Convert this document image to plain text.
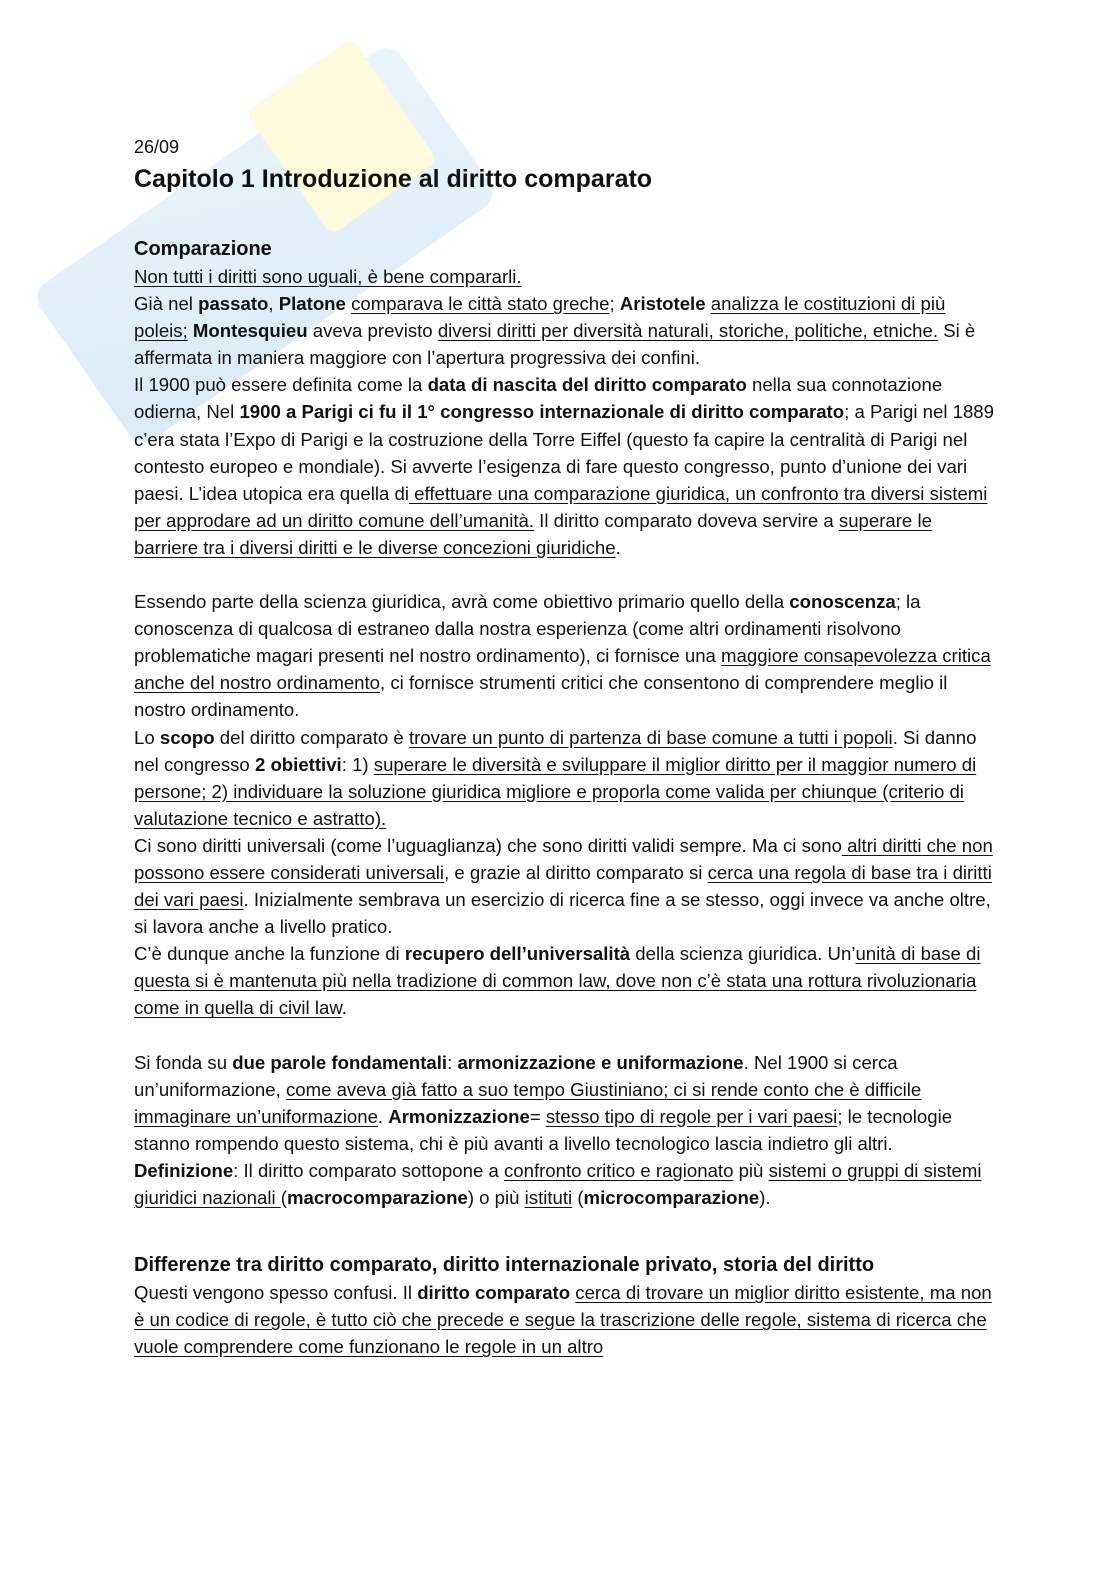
26/09

Capitolo 1 Introduzione al diritto comparato
Comparazione

Non tutti i diritti sono uguali, è bene compararli.

Già nel passato, Platone comparava le città stato greche; Aristotele analizza le costituzioni di più poleis; Montesquieu aveva previsto diversi diritti per diversità naturali, storiche, politiche, etniche. Si è affermata in maniera maggiore con l’apertura progressiva dei confini.

Il 1900 può essere definita come la data di nascita del diritto comparato nella sua connotazione odierna, Nel 1900 a Parigi ci fu il 1° congresso internazionale di diritto comparato; a Parigi nel 1889 c’era stata l’Expo di Parigi e la costruzione della Torre Eiffel (questo fa capire la centralità di Parigi nel contesto europeo e mondiale). Si avverte l’esigenza di fare questo congresso, punto d’unione dei vari paesi. L’idea utopica era quella di effettuare una comparazione giuridica, un confronto tra diversi sistemi per approdare ad un diritto comune dell’umanità. Il diritto comparato doveva servire a superare le barriere tra i diversi diritti e le diverse concezioni giuridiche.

Essendo parte della scienza giuridica, avrà come obiettivo primario quello della conoscenza; la conoscenza di qualcosa di estraneo dalla nostra esperienza (come altri ordinamenti risolvono problematiche magari presenti nel nostro ordinamento), ci fornisce una maggiore consapevolezza critica anche del nostro ordinamento, ci fornisce strumenti critici che consentono di comprendere meglio il nostro ordinamento.

Lo scopo del diritto comparato è trovare un punto di partenza di base comune a tutti i popoli. Si danno nel congresso 2 obiettivi: 1) superare le diversità e sviluppare il miglior diritto per il maggior numero di persone; 2) individuare la soluzione giuridica migliore e proporla come valida per chiunque (criterio di valutazione tecnico e astratto).

Ci sono diritti universali (come l’uguaglianza) che sono diritti validi sempre. Ma ci sono altri diritti che non possono essere considerati universali, e grazie al diritto comparato si cerca una regola di base tra i diritti dei vari paesi. Inizialmente sembrava un esercizio di ricerca fine a se stesso, oggi invece va anche oltre, si lavora anche a livello pratico.

C’è dunque anche la funzione di recupero dell’universalità della scienza giuridica. Un’unità di base di questa si è mantenuta più nella tradizione di common law, dove non c’è stata una rottura rivoluzionaria come in quella di civil law.

Si fonda su due parole fondamentali: armonizzazione e uniformazione. Nel 1900 si cerca un’uniformazione, come aveva già fatto a suo tempo Giustiniano; ci si rende conto che è difficile immaginare un’uniformazione. Armonizzazione= stesso tipo di regole per i vari paesi; le tecnologie stanno rompendo questo sistema, chi è più avanti a livello tecnologico lascia indietro gli altri.

Definizione: Il diritto comparato sottopone a confronto critico e ragionato più sistemi o gruppi di sistemi giuridici nazionali (macrocomparazione) o più istituti (microcomparazione).

Differenze tra diritto comparato, diritto internazionale privato, storia del diritto

Questi vengono spesso confusi. Il diritto comparato cerca di trovare un miglior diritto esistente, ma non è un codice di regole, è tutto ciò che precede e segue la trascrizione delle regole, sistema di ricerca che vuole comprendere come funzionano le regole in un altro
